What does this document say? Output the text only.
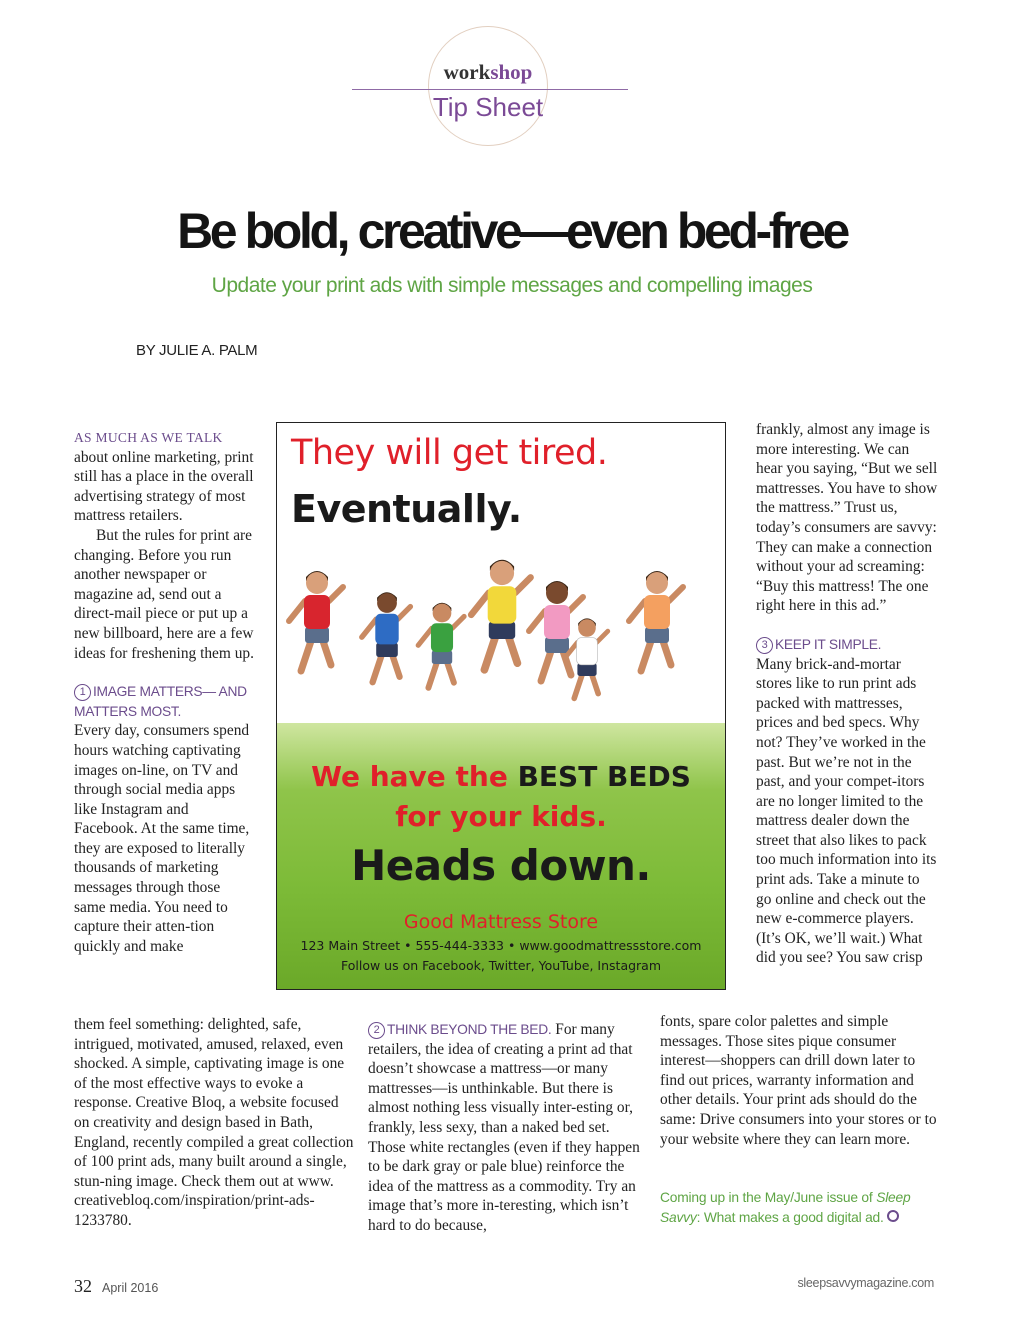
workshop
Tip Sheet
Be bold, creative—even bed-free
Update your print ads with simple messages and compelling images
BY JULIE A. PALM

AS MUCH AS WE TALK about online marketing, print still has a place in the overall advertising strategy of most mattress retailers.

But the rules for print are changing. Before you run another newspaper or magazine ad, send out a direct-mail piece or put up a new billboard, here are a few ideas for freshening them up.

1 IMAGE MATTERS— AND MATTERS MOST.

Every day, consumers spend hours watching captivating images on-line, on TV and through social media apps like Instagram and Facebook. At the same time, they are exposed to literally thousands of marketing messages through those same media. You need to capture their atten-tion quickly and make

them feel something: delighted, safe, intrigued, motivated, amused, relaxed, even shocked. A simple, captivating image is one of the most effective ways to evoke a response. Creative Bloq, a website focused on creativity and design based in Bath, England, recently compiled a great collection of 100 print ads, many built around a single, stun-ning image. Check them out at www. creativebloq.com/inspiration/print-ads-1233780.

2 THINK BEYOND THE BED. For many retailers, the idea of creating a print ad that doesn’t showcase a mattress—or many mattresses—is unthinkable. But there is almost nothing less visually inter-esting or, frankly, less sexy, than a naked bed set. Those white rectangles (even if they happen to be dark gray or pale blue) reinforce the idea of the mattress as a commodity. Try an image that’s more in-teresting, which isn’t hard to do because,

frankly, almost any image is more interesting. We can hear you saying, “But we sell mattresses. You have to show the mattress.” Trust us, today’s consumers are savvy: They can make a connection without your ad screaming: “Buy this mattress! The one right here in this ad.”

3 KEEP IT SIMPLE.

Many brick-and-mortar stores like to run print ads packed with mattresses, prices and bed specs. Why not? They’ve worked in the past. But we’re not in the past, and your compet-itors are no longer limited to the mattress dealer down the street that also likes to pack too much information into its print ads. Take a minute to go online and check out the new e-commerce players. (It’s OK, we’ll wait.) What did you see? You saw crisp

fonts, spare color palettes and simple messages. Those sites pique consumer interest—shoppers can drill down later to find out prices, warranty information and other details. Your print ads should do the same: Drive consumers into your stores or to your website where they can learn more.

Coming up in the May/June issue of Sleep Savvy: What makes a good digital ad.
They will get tired.
Eventually.
We have the BEST BEDS
for your kids.
Heads down.
Good Mattress Store
123 Main Street • 555-444-3333 • www.goodmattressstore.com
Follow us on Facebook, Twitter, YouTube, Instagram
32 April 2016	sleepsavvymagazine.com
